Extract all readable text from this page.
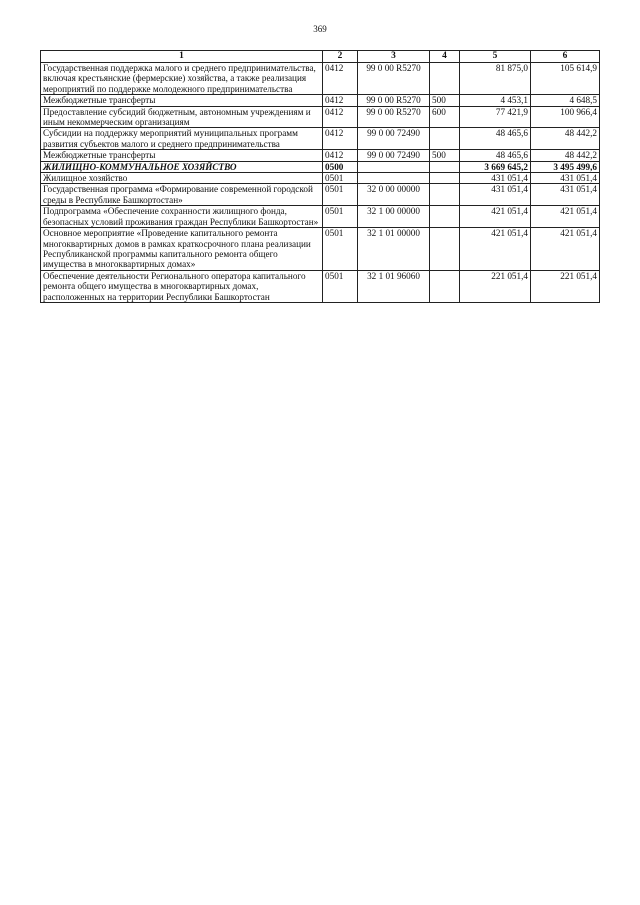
369
1	2	3	4	5	6
Государственная поддержка малого и среднего предпринимательства, включая крестьянские (фермерские) хозяйства, а также реализация мероприятий по поддержке молодежного предпринимательства	0412	99 0 00 R5270		81 875,0	105 614,9
Межбюджетные трансферты	0412	99 0 00 R5270	500	4 453,1	4 648,5
Предоставление субсидий бюджетным, автономным учреждениям и иным некоммерческим организациям	0412	99 0 00 R5270	600	77 421,9	100 966,4
Субсидии на поддержку мероприятий муниципальных программ развития субъектов малого и среднего предпринимательства	0412	99 0 00 72490		48 465,6	48 442,2
Межбюджетные трансферты	0412	99 0 00 72490	500	48 465,6	48 442,2
ЖИЛИЩНО-КОММУНАЛЬНОЕ ХОЗЯЙСТВО	0500			3 669 645,2	3 495 499,6
Жилищное хозяйство	0501			431 051,4	431 051,4
Государственная программа «Формирование современной городской среды в Республике Башкортостан»	0501	32 0 00 00000		431 051,4	431 051,4
Подпрограмма «Обеспечение сохранности жилищного фонда, безопасных условий проживания граждан Республики Башкортостан»	0501	32 1 00 00000		421 051,4	421 051,4
Основное мероприятие «Проведение капитального ремонта многоквартирных домов в рамках краткосрочного плана реализации Республиканской программы капитального ремонта общего имущества в многоквартирных домах»	0501	32 1 01 00000		421 051,4	421 051,4
Обеспечение деятельности Регионального оператора капитального ремонта общего имущества в многоквартирных домах, расположенных на территории Республики Башкортостан	0501	32 1 01 96060		221 051,4	221 051,4
